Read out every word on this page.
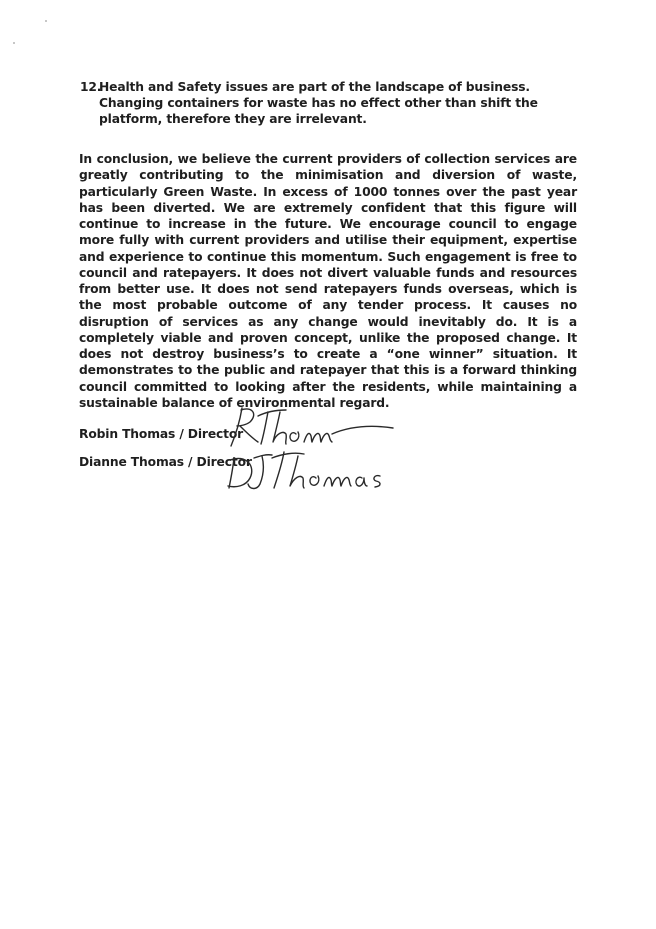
12.
Health and Safety issues are part of the landscape of business. Changing containers for waste has no effect other than shift the platform, therefore they are irrelevant.
In conclusion, we believe the current providers of collection services are greatly contributing to the minimisation and diversion of waste, particularly Green Waste. In excess of 1000 tonnes over the past year has been diverted. We are extremely confident that this figure will continue to increase in the future. We encourage council to engage more fully with current providers and utilise their equipment, expertise and experience to continue this momentum. Such engagement is free to council and ratepayers. It does not divert valuable funds and resources from better use. It does not send ratepayers funds overseas, which is the most probable outcome of any tender process. It causes no disruption of services as any change would inevitably do. It is a completely viable and proven concept, unlike the proposed change. It does not destroy business’s to create a “one winner” situation. It demonstrates to the public and ratepayer that this is a forward thinking council committed to looking after the residents, while maintaining a sustainable balance of environmental regard.
Robin Thomas / Director
Dianne Thomas / Director
